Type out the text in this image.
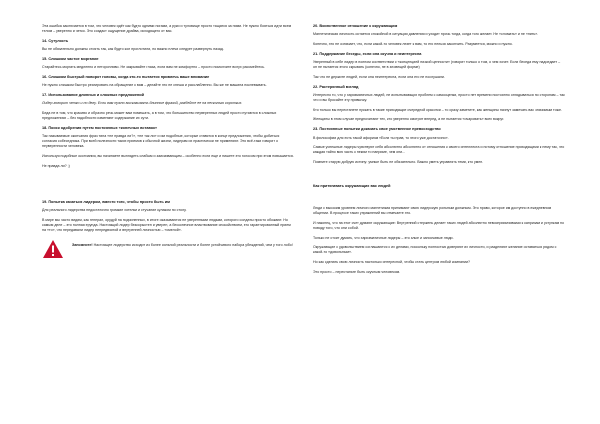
Эта ошибка заключается в том, что человек идёт как будто одними ногами, а руки и туловище просто тащатся за ними. Не нужно бояться идти всем телом – уверенно и четко. Это создаст ощущение драйва, исходящего от вас.

14. Сутулость

Вы не обязательно должны стоять так, как будто кол проглотили, но важно плечи следует развернуть назад.

15. Слишком частое моргание

Старайтесь моргать медленно и неторопливо. Не закрывайте глаза, если вам не комфортно – просто помолчите вслух рассмейтесь.

16. Слишком быстрый поворот головы, когда кто-то пытается привлечь ваше внимание

Не нужно слишком быстро реагировать на обращение к вам – делайте это не спеша и расслабленно. Вы же не машина поклевывать.

17. Использование длинных и сложных предложений

Лидер говорит четко и по делу. Если вам нужно высказывать длинные фразой, разбейте ее на несколько коротких.

Беда не в том, что красиво и образно речь может вам помешать, а в том, что большинство неуверенных людей просто путаются в сложных предложениях – без надобности изменяют содержание их сути.

18. Поиск одобрения путем постоянных «конечных вставок»

Так называемые окончания фраз типа «не правда ли?», «не так ли» и им подобные, которые ставятся в конце предложения, чтобы добиться согласия собеседника. При всей полезности таких приемов к обычной жизни, лидерам их практически не применяют. Это всё-таки говорит о неуверенности человека.

Используя подобные окончания, вы начинаете выглядеть слабым и заискивающим – особенно если еще и пишете это голосом при этом повышается.

Не правда ли? ;)

19. Попытка казаться лидером, вместо того, чтобы просто быть им

Для реального лидерства недостаточно громкие хотелки и стучание кулаком по столу.

В мире мы часто видим, как генерал, орудуй на подчиненных, в итоге оказываются не уверенными людьми, которого солдаты просто обожают. Но самым деле – это полная ерунда. Настоящий лидер безкорыстен и уверен, а бесконечное властвование спокойствием, его гарантированный прием на «то», что передавали лидер непредвзятой и внутренней личностью – «смелой».

Запомните! Настоящее лидерство исходит из более сильной реальности и более устойчивого набора убеждений, чем у того лобо!
20. Воинственное отношение к окружающим

Магнетическая личность остается спокойной в ситуации давления и уходит прочь тогда, когда того желает. Не «сломать» и не «пить».

Конечно, это не означает, что, если какой-то человек лезет к вам, то его нельзя закончить. Разумеется, можно и нужно.

21. Поддержание беседы, если она скучна и неинтересна

Уверенный в себе лидер в полном соответствии с «концепцией низкой ценности» (говорит только о том, о чем хочет. Если беседа ему надоедает – он не пытается этого скрывать (конечно, не в зловещей форме)

Так что не держите людей, если она неинтересна, если она его не послушали.

22. Растерянный взгляд

Интересно то, что у харизматичных людей, не испытывающих проблем с самооценки, просто нет времени постоянно оглядываться по сторонам – так что и вы бросайте эту привычку.

Кто только вы перестанете пускать в такие приходящие очередной красотки – то сразу заметите, как женщины начнут замечать вас значимым тоже.

Женщины в этом случае предпочитают тех, кто уверенно смотрит вперед, а не пытается «очаровать» всех вокруг.

23. Постоянные попытки доказать свое умственное превосходство

В философии для есть такой афоризм «Если ты прав, то этого уже достаточно».

Самые успешные лидеры чувствуют себя абсолютно абсолютно от отношения к своего интеллекта и потому отношение приходящими к нему так, что каждая тайно всю часть к неким то наприме, чем они...

Помните старую добрую истину: умные быть не обязательно. Важно уметь управлять теми, кто умен.

Как притягивать окружающих вас людей

Люди с высоким уровнем личного магнетизма принимают свою лидерскую рольным должным. Это право, которое им доступно в ежедневном общении. В процессе таких упражнений вы отмечаете это.

И наконец, что на этот счет думают окружающие: Внутренний стержень делает таких людей абсолютно невосприимчивыми к капризам и уступкам по поводу того, что они собой.

Только не стоит думать, что харизматичные лидеры – это злые и заносчивые люди.

Окружающие с удовольствием соглашаются с их делами, поскольку полностью доверяют их личности, и разделяют желание оставаться рядом с какой-то «довольным».

Но как сделать свою личность настолько интересной, чтобы стать центром любой компании?

Это просто – перестаньте быть скучным человеком.
